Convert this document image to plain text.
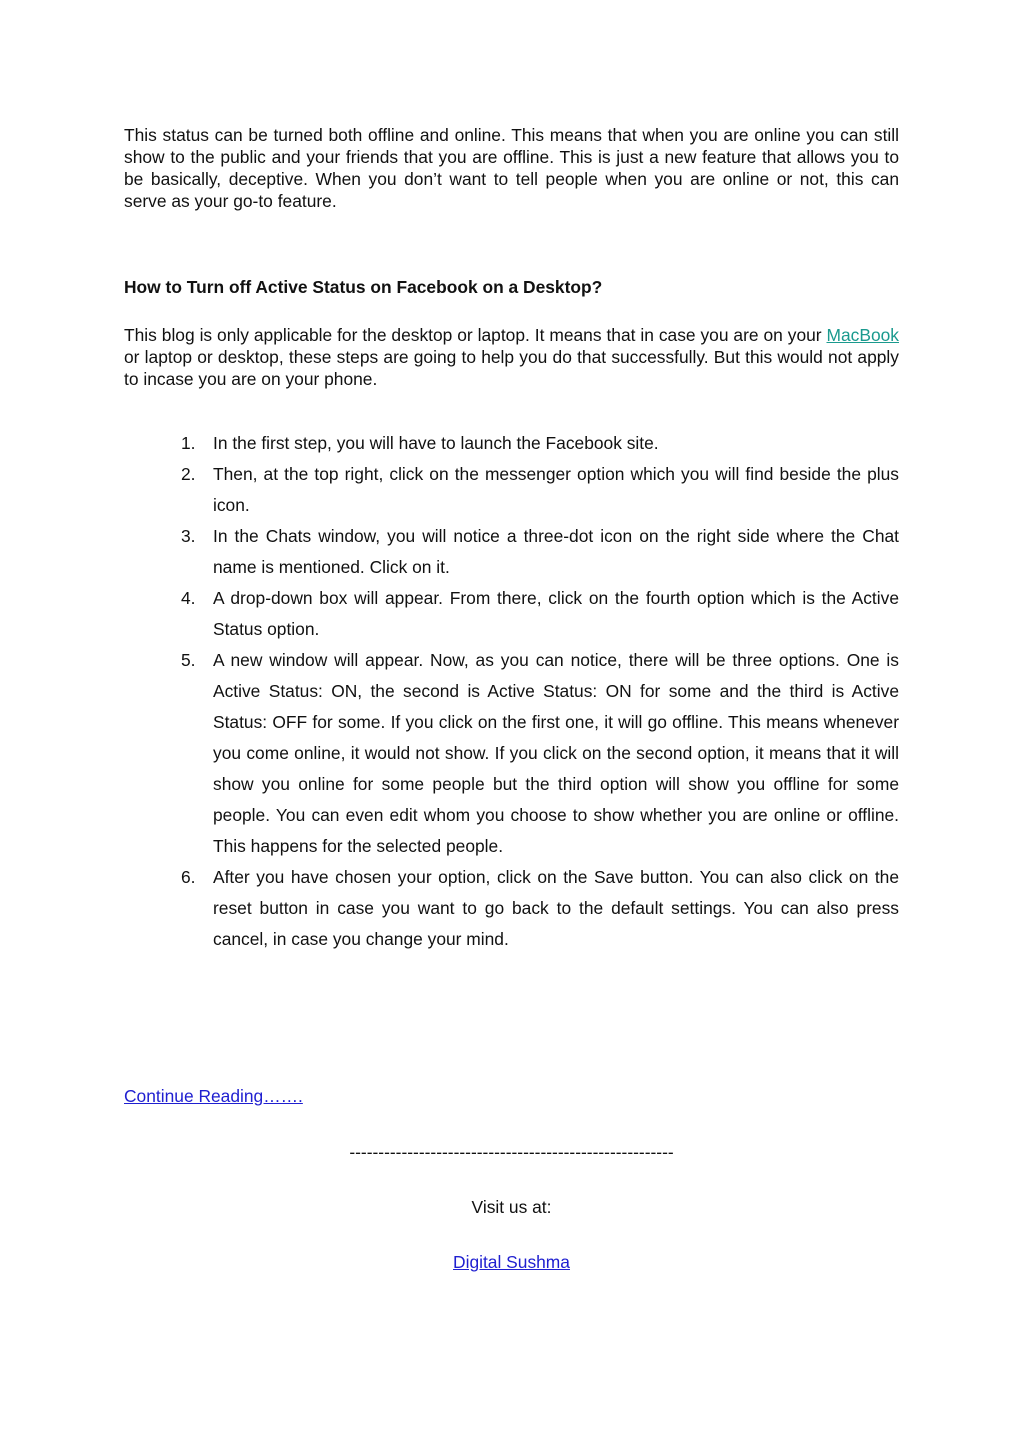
This status can be turned both offline and online. This means that when you are online you can still show to the public and your friends that you are offline. This is just a new feature that allows you to be basically, deceptive. When you don’t want to tell people when you are online or not, this can serve as your go-to feature.

How to Turn off Active Status on Facebook on a Desktop?

This blog is only applicable for the desktop or laptop. It means that in case you are on your MacBook or laptop or desktop, these steps are going to help you do that successfully. But this would not apply to incase you are on your phone.

1.	In the first step, you will have to launch the Facebook site.
2.	Then, at the top right, click on the messenger option which you will find beside the plus icon.
3.	In the Chats window, you will notice a three-dot icon on the right side where the Chat name is mentioned. Click on it.
4.	A drop-down box will appear. From there, click on the fourth option which is the Active Status option.
5.	A new window will appear. Now, as you can notice, there will be three options. One is Active Status: ON, the second is Active Status: ON for some and the third is Active Status: OFF for some. If you click on the first one, it will go offline. This means whenever you come online, it would not show. If you click on the second option, it means that it will show you online for some people but the third option will show you offline for some people. You can even edit whom you choose to show whether you are online or offline. This happens for the selected people.
6.	After you have chosen your option, click on the Save button. You can also click on the reset button in case you want to go back to the default settings. You can also press cancel, in case you change your mind.
Continue Reading…….
--------------------------------------------------------
Visit us at:
Digital Sushma
